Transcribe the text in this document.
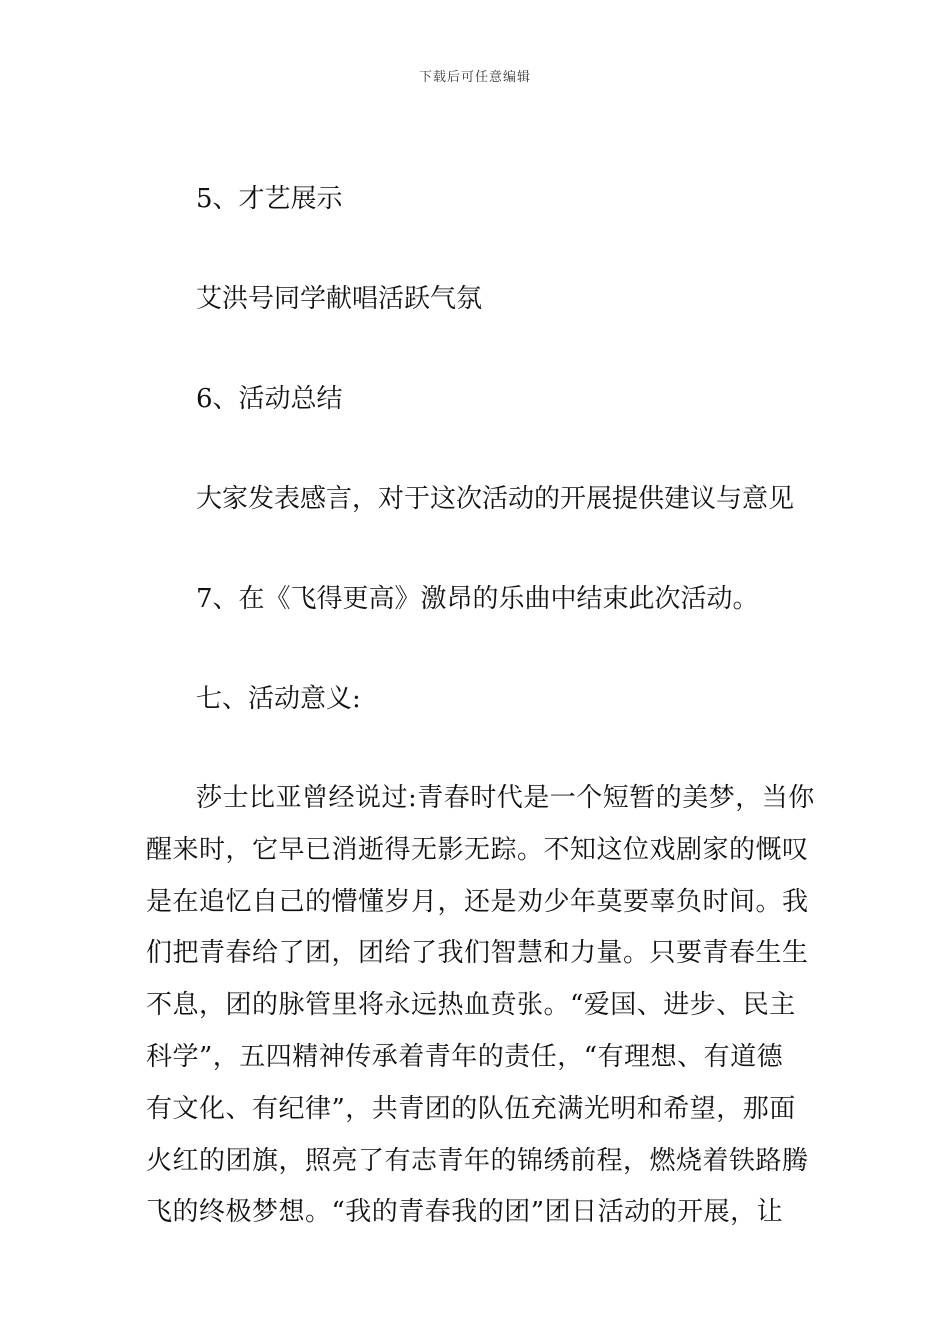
下载后可任意编辑
5、才艺展示
艾洪号同学献唱活跃气氛
6、活动总结
大家发表感言，对于这次活动的开展提供建议与意见
7、在《飞得更高》激昂的乐曲中结束此次活动。
七、活动意义:
莎士比亚曾经说过:青春时代是一个短暂的美梦，当你
醒来时，它早已消逝得无影无踪。不知这位戏剧家的慨叹
是在追忆自己的懵懂岁月，还是劝少年莫要辜负时间。我
们把青春给了团，团给了我们智慧和力量。只要青春生生
不息，团的脉管里将永远热血贲张。“爱国、进步、民主
科学”，五四精神传承着青年的责任，“有理想、有道德
有文化、有纪律”，共青团的队伍充满光明和希望，那面
火红的团旗，照亮了有志青年的锦绣前程，燃烧着铁路腾
飞的终极梦想。“我的青春我的团”团日活动的开展，让
